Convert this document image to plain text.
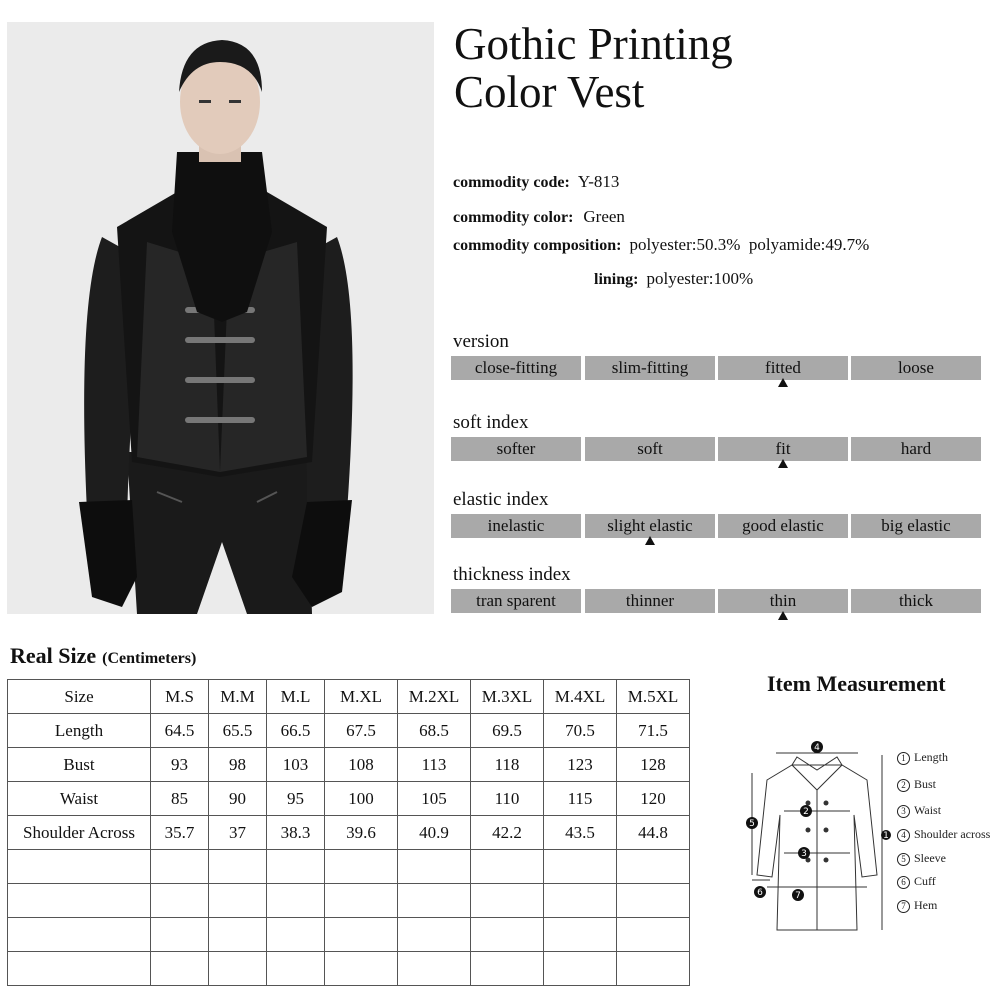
Gothic Printing
Color Vest
commodity code: Y-813
commodity color: Green
commodity composition: polyester:50.3%  polyamide:49.7%
lining: polyester:100%
version
close-fitting	slim-fitting	fitted	loose
soft index
softer	soft	fit	hard
elastic index
inelastic	slight elastic	good elastic	big elastic
thickness index
tran sparent	thinner	thin	thick
Real Size (Centimeters)
Size	M.S	M.M	M.L	M.XL	M.2XL	M.3XL	M.4XL	M.5XL
Length	64.5	65.5	66.5	67.5	68.5	69.5	70.5	71.5
Bust	93	98	103	108	113	118	123	128
Waist	85	90	95	100	105	110	115	120
Shoulder Across	35.7	37	38.3	39.6	40.9	42.2	43.5	44.8

Item Measurement
4
2
3
7
1
5
6
1 Length
2 Bust
3 Waist
4 Shoulder across
5 Sleeve
6 Cuff
7 Hem
